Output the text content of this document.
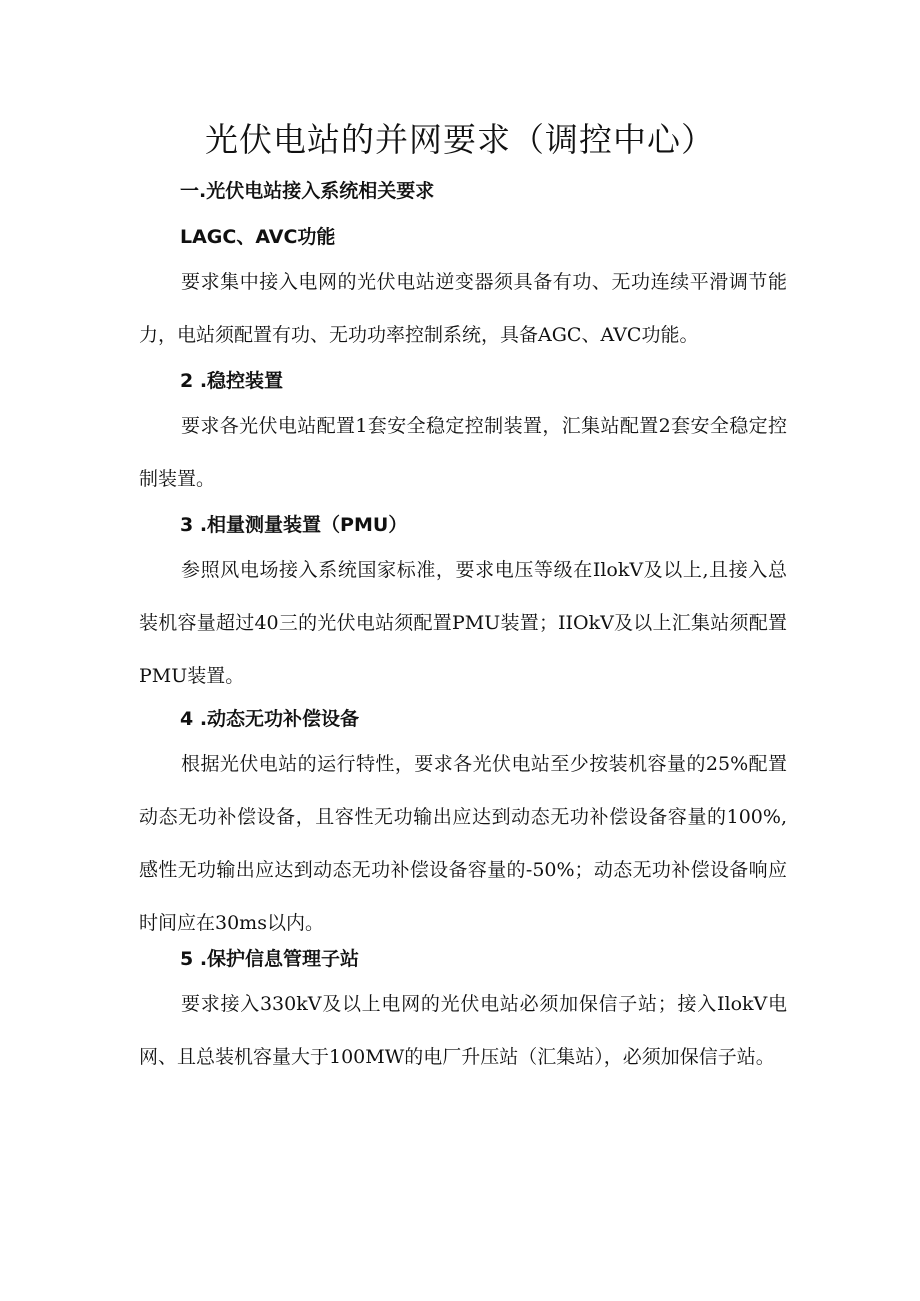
光伏电站的并网要求（调控中心）

一.光伏电站接入系统相关要求

LAGC、AVC功能

要求集中接入电网的光伏电站逆变器须具备有功、无功连续平滑调节能力，电站须配置有功、无功功率控制系统，具备AGC、AVC功能。

2 .稳控装置

要求各光伏电站配置1套安全稳定控制装置，汇集站配置2套安全稳定控制装置。

3 .相量测量装置（PMU）

参照风电场接入系统国家标准，要求电压等级在IlokV及以上,且接入总装机容量超过40三的光伏电站须配置PMU装置；IIOkV及以上汇集站须配置PMU装置。

4 .动态无功补偿设备

根据光伏电站的运行特性，要求各光伏电站至少按装机容量的25%配置动态无功补偿设备，且容性无功输出应达到动态无功补偿设备容量的100%,感性无功输出应达到动态无功补偿设备容量的-50%；动态无功补偿设备响应时间应在30ms以内。

5 .保护信息管理子站

要求接入330kV及以上电网的光伏电站必须加保信子站；接入IlokV电网、且总装机容量大于100MW的电厂升压站（汇集站），必须加保信子站。
